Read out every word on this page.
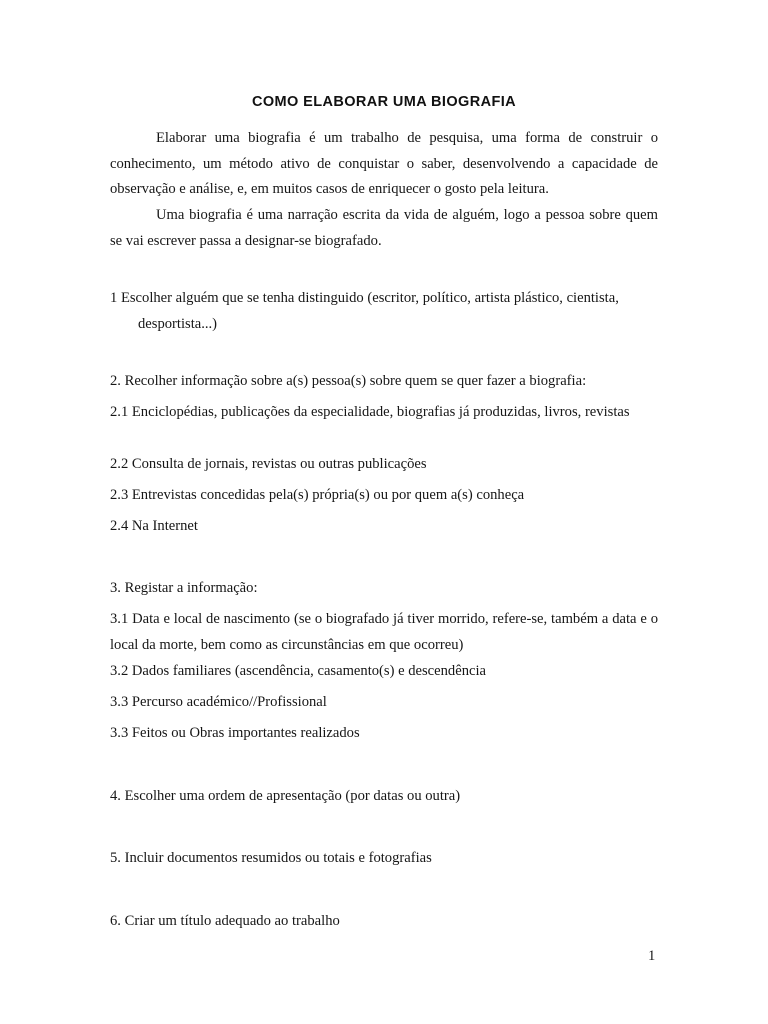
COMO ELABORAR UMA BIOGRAFIA

Elaborar uma biografia é um trabalho de pesquisa, uma forma de construir o conhecimento, um método ativo de conquistar o saber, desenvolvendo a capacidade de observação e análise, e, em muitos casos de enriquecer o gosto pela leitura.

Uma biografia é uma narração escrita da vida de alguém, logo a pessoa sobre quem se vai escrever passa a designar-se biografado.

1 Escolher alguém que se tenha distinguido (escritor, político, artista plástico, cientista, desportista...)

2. Recolher informação sobre a(s) pessoa(s) sobre quem se quer fazer a biografia:

2.1 Enciclopédias, publicações da especialidade, biografias já produzidas, livros, revistas

2.2 Consulta de jornais, revistas ou outras publicações

2.3 Entrevistas concedidas pela(s) própria(s) ou por quem a(s) conheça

2.4 Na Internet

3. Registar a informação:

3.1 Data e local de nascimento (se o biografado já tiver morrido, refere-se, também a data e o local da morte, bem como as circunstâncias em que ocorreu)

3.2 Dados familiares (ascendência, casamento(s) e descendência

3.3 Percurso académico//Profissional

3.3 Feitos ou Obras importantes realizados

4. Escolher uma ordem de apresentação (por datas ou outra)

5. Incluir documentos resumidos ou totais e fotografias

6. Criar um título adequado ao trabalho

1
